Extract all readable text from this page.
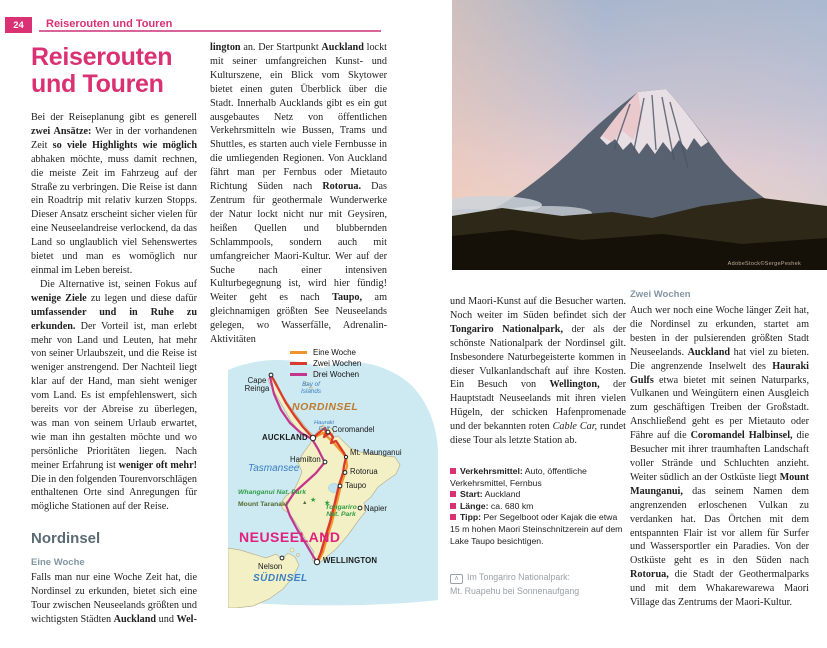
24	Reiserouten und Touren
Reiserouten
und Touren

Bei der Reiseplanung gibt es generell zwei Ansätze: Wer in der vorhandenen Zeit so viele Highlights wie möglich abhaken möchte, muss damit rechnen, die meiste Zeit im Fahrzeug auf der Straße zu verbringen. Die Reise ist dann ein Roadtrip mit relativ kurzen Stopps. Dieser Ansatz erscheint sicher vielen für eine Neuseelandreise verlockend, da das Land so unglaublich viel Sehenswertes bietet und man es womöglich nur einmal im Leben bereist.

Die Alternative ist, seinen Fokus auf wenige Ziele zu legen und diese dafür umfassender und in Ruhe zu erkunden. Der Vorteil ist, man erlebt mehr von Land und Leuten, hat mehr von seiner Urlaubszeit, und die Reise ist weniger anstrengend. Der Nachteil liegt klar auf der Hand, man sieht weniger vom Land. Es ist empfehlenswert, sich bereits vor der Abreise zu überlegen, was man von seinem Urlaub erwartet, wie man ihn gestalten möchte und wo persönliche Prioritäten liegen. Nach meiner Erfahrung ist weniger oft mehr! Die in den folgenden Tourenvorschlägen enthaltenen Orte sind Anregungen für mögliche Stationen auf der Reise.

Nordinsel
Eine Woche

Falls man nur eine Woche Zeit hat, die Nordinsel zu erkunden, bietet sich eine Tour zwischen Neuseelands größten und wichtigsten Städten Auckland und Wel-

lington an. Der Startpunkt Auckland lockt mit seiner umfangreichen Kunst- und Kulturszene, ein Blick vom Skytower bietet einen guten Überblick über die Stadt. Innerhalb Aucklands gibt es ein gut ausgebautes Netz von öffentlichen Verkehrsmitteln wie Bussen, Trams und Shuttles, es starten auch viele Fernbusse in die umliegenden Regionen. Von Auckland fährt man per Fernbus oder Mietauto Richtung Süden nach Rotorua. Das Zentrum für geothermale Wunderwerke der Natur lockt nicht nur mit Geysiren, heißen Quellen und blubbernden Schlammpools, sondern auch mit umfangreicher Maori-Kultur. Wer auf der Suche nach einer intensiven Kulturbegegnung ist, wird hier fündig! Weiter geht es nach Taupo, am gleichnamigen größten See Neuseelands gelegen, wo Wasserfälle, Adrenalin-Aktivitäten

★ ★
Eine Woche
Zwei Wochen
Drei Wochen
Cape Reinga	Bay of Islands
NORDINSEL
Hauraki Gulf Coromandel
AUCKLAND
Mt. Maunganui
Hamilton
Tasmansee	Rotorua
Taupo
Whanganui Nat. Park
Mount Taranaki	▲
Tongariro Nat. Park
Napier
NEUSEELAND
Nelson
SÜDINSEL
WELLINGTON
AdobeStock©SergePeshek

und Maori-Kunst auf die Besucher warten. Noch weiter im Süden befindet sich der Tongariro Nationalpark, der als der schönste Nationalpark der Nordinsel gilt. Insbesondere Naturbegeisterte kommen in dieser Vulkanlandschaft auf ihre Kosten. Ein Besuch von Wellington, der Hauptstadt Neuseelands mit ihren vielen Hügeln, der schicken Hafenpromenade und der bekannten roten Cable Car, rundet diese Tour als letzte Station ab.

Verkehrsmittel: Auto, öffentliche Verkehrsmittel, Fernbus
Start: Auckland
Länge: ca. 680 km
Tipp: Per Segelboot oder Kajak die etwa 15 m hohen Maori Steinschnitzerein auf dem Lake Taupo besichtigen.
∧ Im Tongariro Nationalpark:
Mt. Ruapehu bei Sonnenaufgang
Zwei Wochen

Auch wer noch eine Woche länger Zeit hat, die Nordinsel zu erkunden, startet am besten in der pulsierenden größten Stadt Neuseelands. Auckland hat viel zu bieten. Die angrenzende Inselwelt des Hauraki Gulfs etwa bietet mit seinen Naturparks, Vulkanen und Weingütern einen Ausgleich zum geschäftigen Treiben der Großstadt. Anschließend geht es per Mietauto oder Fähre auf die Coromandel Halbinsel, die Besucher mit ihrer traumhaften Landschaft voller Strände und Schluchten anzieht. Weiter südlich an der Ostküste liegt Mount Maunganui, das seinem Namen dem angrenzenden erloschenen Vulkan zu verdanken hat. Das Örtchen mit dem entspannten Flair ist vor allem für Surfer und Wassersportler ein Paradies. Von der Ostküste geht es in den Süden nach Rotorua, die Stadt der Geothermalparks und mit dem Whakarewarewa Maori Village das Zentrums der Maori-Kultur.
